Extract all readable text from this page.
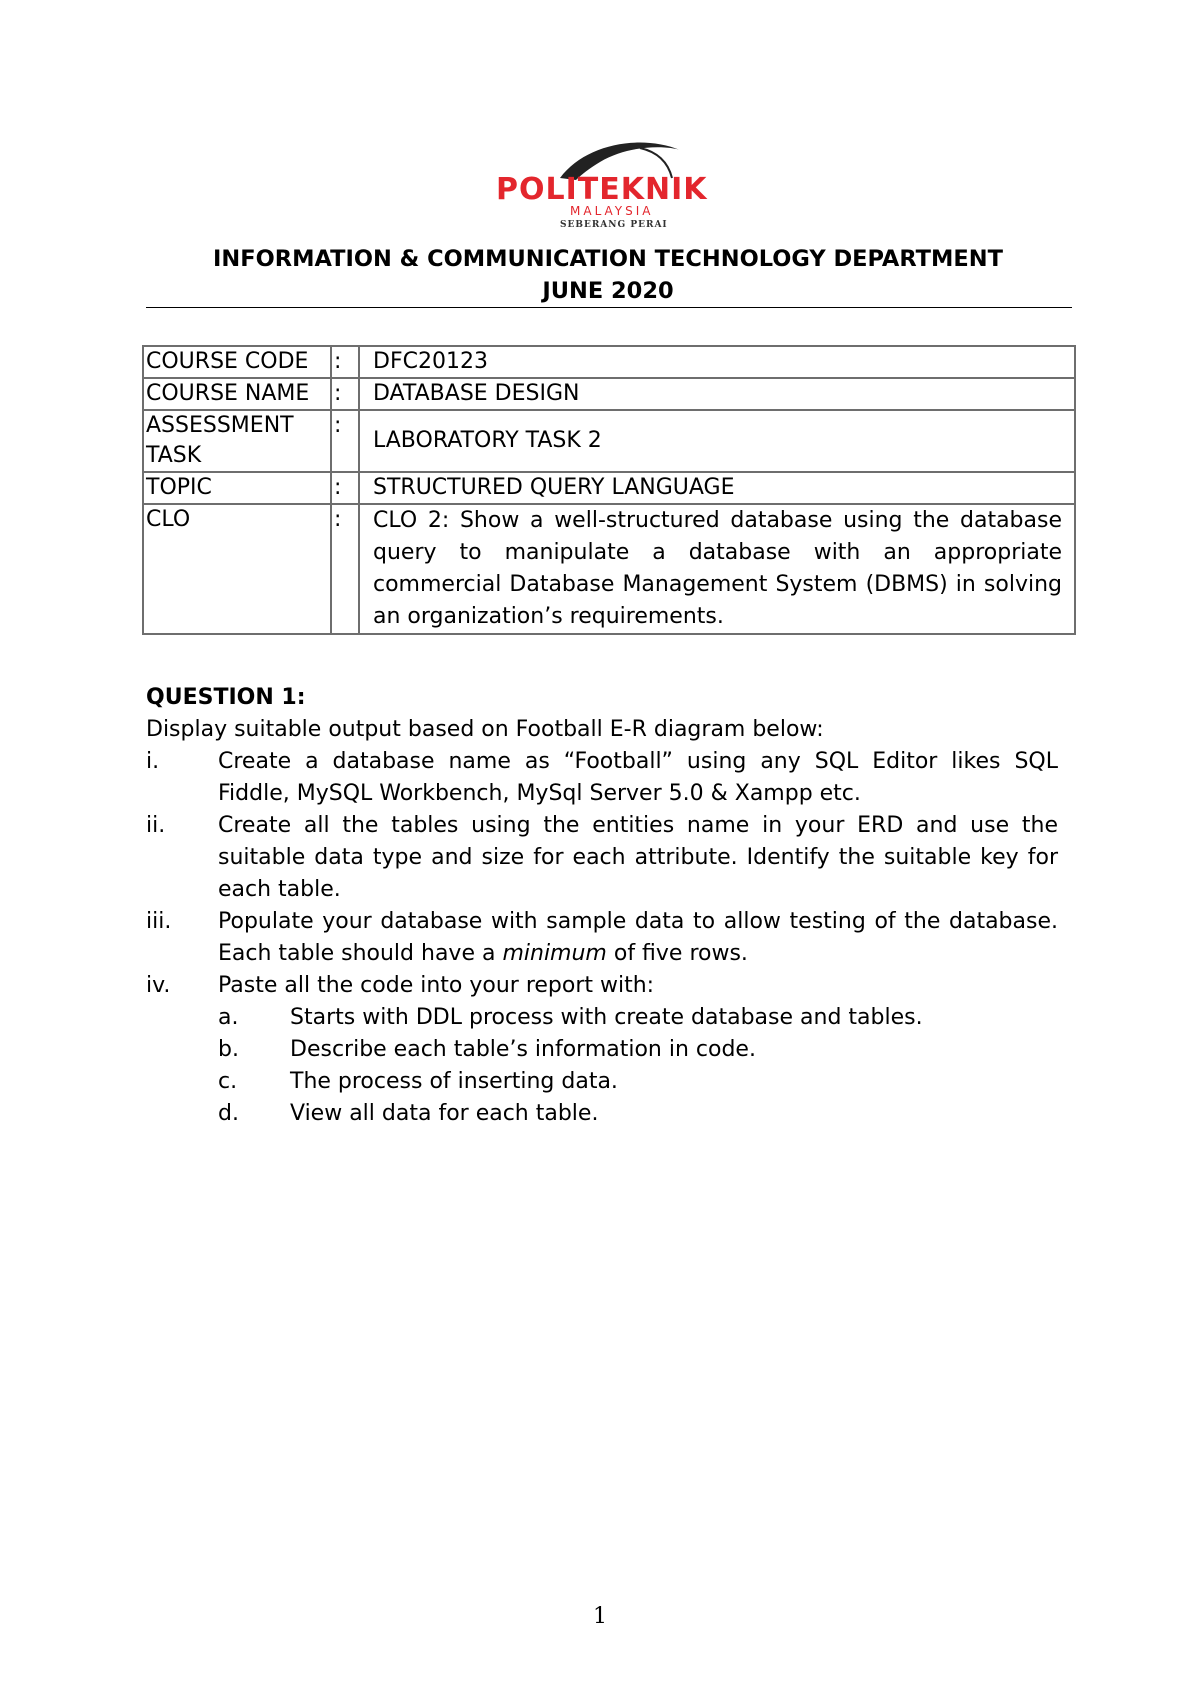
POLITEKNIK
MALAYSIA
SEBERANG PERAI
INFORMATION & COMMUNICATION TECHNOLOGY DEPARTMENT
JUNE 2020
COURSE CODE	:	DFC20123
COURSE NAME	:	DATABASE DESIGN
ASSESSMENT TASK	:	LABORATORY TASK 2
TOPIC	:	STRUCTURED QUERY LANGUAGE
CLO	:	CLO 2: Show a well-structured database using the database query to manipulate a database with an appropriate commercial Database Management System (DBMS) in solving an organization’s requirements.
QUESTION 1:
Display suitable output based on Football E-R diagram below:
i.	Create a database name as “Football” using any SQL Editor likes SQL Fiddle, MySQL Workbench, MySql Server 5.0 & Xampp etc.
ii. Create all the tables using the entities name in your ERD and use the suitable data type and size for each attribute. Identify the suitable key for each table.
iii. Populate your database with sample data to allow testing of the database. Each table should have a minimum of five rows.
iv. Paste all the code into your report with:
a. Starts with DDL process with create database and tables.
b. Describe each table’s information in code.
c. The process of inserting data.
d. View all data for each table.
1
